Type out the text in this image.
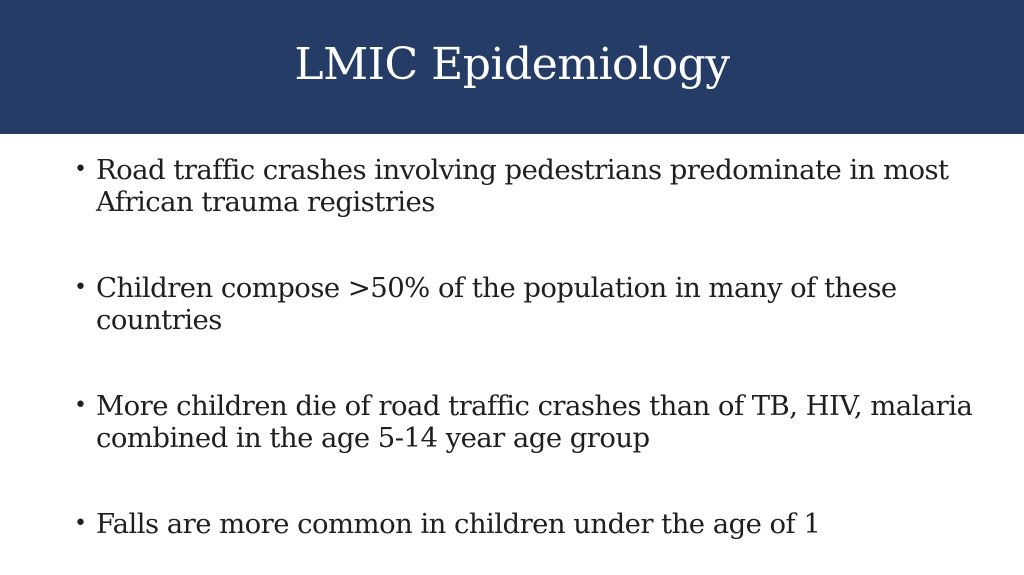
LMIC Epidemiology
• Road traffic crashes involving pedestrians predominate in most African trauma registries
• Children compose >50% of the population in many of these countries
• More children die of road traffic crashes than of TB, HIV, malaria combined in the age 5-14 year age group
• Falls are more common in children under the age of 1
